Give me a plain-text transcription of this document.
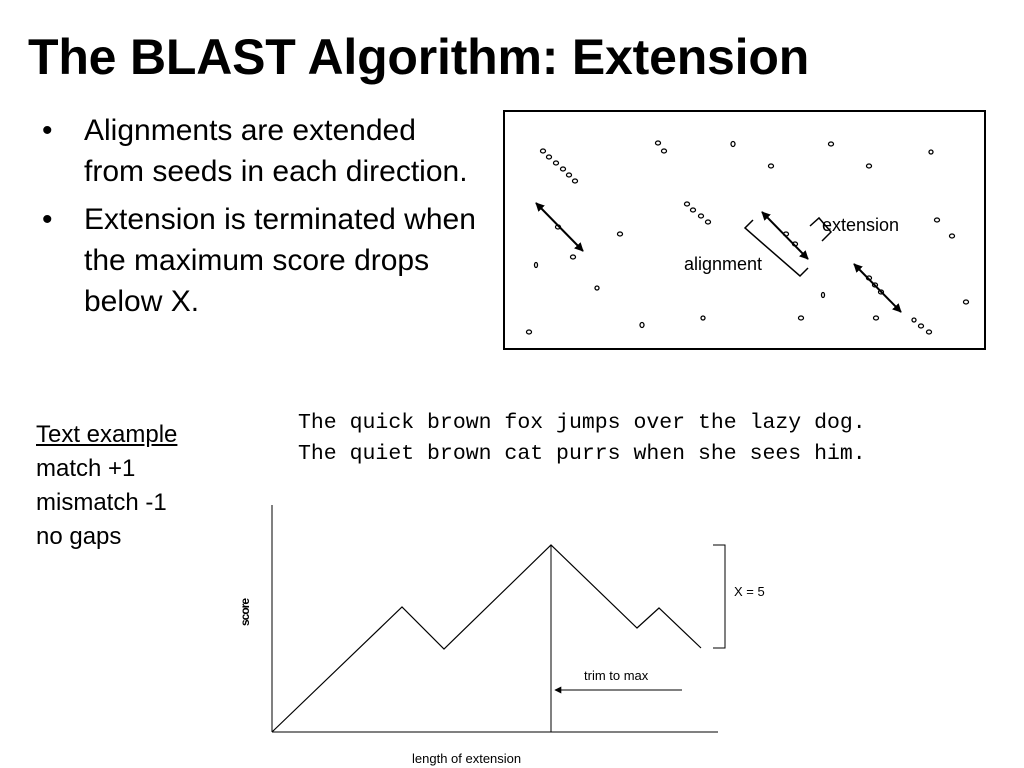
The BLAST Algorithm: Extension
• Alignments are extended from seeds in each direction.
• Extension is terminated when the maximum score drops below X.
extension
alignment
Text example
match +1
mismatch -1
no gaps
The quick brown fox jumps over the lazy dog.
The quiet brown cat purrs when she sees him.
X = 5
trim to max
length of extension
score
